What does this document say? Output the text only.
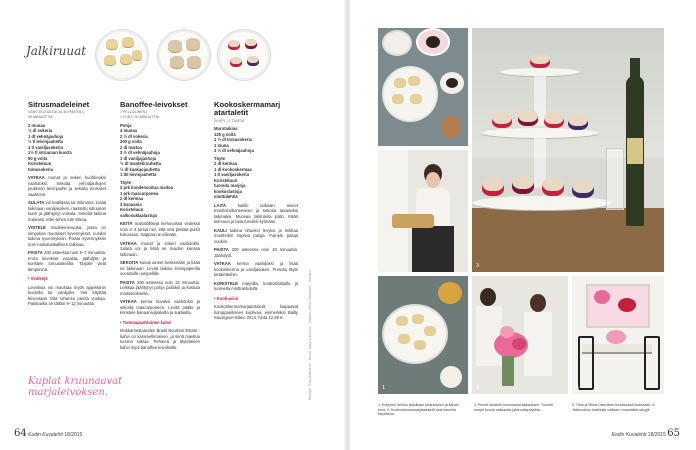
Jalkiruuat
Sitrusmadeleinet
NOIN 30 (SIIA TAI 30-40 PIENTÄ) |
30 MINUUTTIA
2 munaa
½ dl sokeria
1 dl vehnäjauhoja
½ tl leivinjauhetta
1 tl vaniljasokeria
1½ tl sitruunan kuorta
50 g voita
Koristeluun
tomusokeria

VATKAA munat ja sokeri kuohkeaksi vaahdoksi. Sekoita vehnäjauhojen joukkoon leivinjauhe ja sekoita muroiset vaahtoon.

SULATA voi kattilassa tai mikrossa. Lisää taikinaan vaniljasokeri, raastettu sitruunan kuori ja jäähtynyt voisula. Sekoita taikina nopeasti, ettei siihen tule sitkoa.

VOITELE madeleinevuoka, jossa on simpukan muotoiset syvennykset. Lusikoi taikina syvennyksiin. Paista syvennyksiin noin ruokalusikallinen taikinaa.

PAISTA 200 asteessa noin 5–7 minuuttia. Irrota leivokset vuoasta, jäähdytä ja koristele tomusokerilla. Tarjoile vielä lämpiminä.

• Vinkkejä

Leivoksia voi maustaa myös appelsiinin kuorella tai vaniljalla. Voit käyttää leivontaan mitä tahansa pientä vuokaa. Paistoaika on tällöin 8–12 minuuttia.

Banoffee-leivokset
7 PELLILLINEN |
1 TUNTI 30 MINUUTTIA
Pohja
4 munaa
2 ½ dl sokeria
200 g voita
2 dl maitoa
3 ½ dl vehnäjauhoja
1 dl vaniljajauhoja
½ dl mantelirouhetta
½ dl kaakaojauhetta
1 tkl leivinjauhetta
Täyte
2 prk kondensoitua maitoa
1 prk mascarponea
2 dl kermaa
3 banaania
Koristeluun
valkosuklaalastuja

KEITÄ maitotölkkejä kiehuvassa vedessä noin 2–3 tuntia niin, että vesi peittää purkit kokonaan. Nappaa ne viileään.

VATKAA munat ja sokeri vaahdoksi. Sulata voi ja lisää se maidon kanssa taikinaan.

SEKOITA kuivat aineet keskenään ja lisää ne taikinaan. Levitä taikina leivinpaperilla vuoratulle uunipellille.

PAISTA 200 asteessa noin 15 minuuttia. Leikkaa jäähtynyt pohja paloiksi ja kostuta maitoseoksella.

VATKAA kerma kovaksi vaahdoksi ja sekoita mascarponeen. Levitä päälle ja koristele banaaniviipaleilla ja suklaalla.

• Tummapaahtoinen kahvi

Mokkamestareiden Brasil Bourbon Estate -kahvi on karamellimainen, ja siinä maistuu tumma suklaa. Pehmeä ja täyteläinen kahvi sopii banoffee-leivoksille.

Kookoskermamarjatartaletit
24 KPL | 1 TUNTIA
Murotaikina
125 g voita
1 ½ dl tomusokeria
1 muna
3 ½ dl vehnäjauhoja
Täyte
2 dl kermaa
1 dl kookoskermaa
1 tl vaniljasokeria
Koristeluun
tuoreita marjoja
kookoslastuja
minttulehtiä

LAITA kaikki taikinan aineet monitoimikoneeseen ja sekoita tasaiseksi taikinaksi. Muovaa taikinasta pallo. Kääri kelmuun ja laita tunniksi kylmään.

KAULI taikina ohueksi levyksi ja leikkaa muotteihin sopivia paloja. Painele paloja vuokiin.

PAISTA 200 asteessa noin 10 minuuttia. Jäähdytä.

VATKAA kerma vaahdoksi ja lisää kookoskerma ja vaniljasokeri. Pursota täyte tartaletteihin.

KORISTELE marjoilla, kookoslastuilla ja tuoreella minttulehdellä.

• Kuohuviini

Kookoskermamarjatartaletit kaipaavat kumppanikseen kuplivaa, esimerkiksi Bailly Sauvignon Blanc 2014, hinta 12,99 €.	Resepti: Tiina Ostertinen · Kuvat: Maija Luhtanen · Kattaus: Miina Ostertinen · Stailaus
Kuplat kruunaavat marjaleivoksen.
64 Kodin Kuvalehti 18/2015
2	3
1	4	5
1. Erityinen herkku tarjoillaan pikkuleipien ja kahvin kera. 2. Kookoskermamarjatartaletit ovat kauniita tarjottavia.
3. Pienet tartaletit kruunaavat kattauksen. Tuoreet marjat tuovat raikkautta jälkiruokapöytään.
5. Tiina ja Miina Ostertinen kesäisessä kodissaan. 6. Jälkiruokien katteeksi valitaan romanttisia sävyjä.
Kodin Kuvalehti 18/2015 65
